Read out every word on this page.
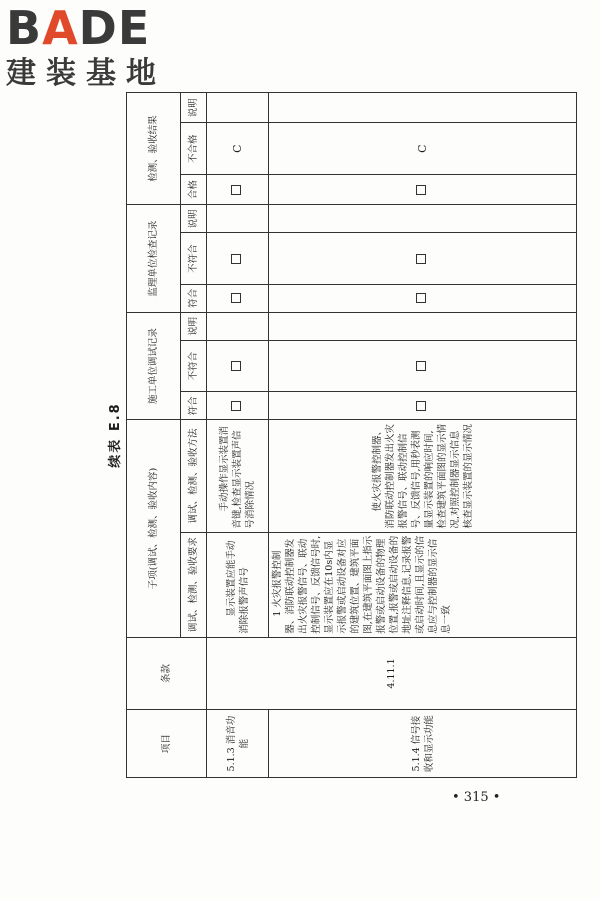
BADE
建装基地
续表 E.8
项目	条款	子项(调试、检测、验收内容)		施工单位调试记录			监理单位检查记录			检测、验收结果		
		调试、检测、验收要求	调试、检测、验收方法	符合	不符合	说明	符合	不符合	说明	合格	不合格	说明
5.1.3 消音功能	4.11.1	显示装置应能手动消除报警声信号	手动操作显示装置消音键,检查显示装置声信号消除情况								C	
5.1.4 信号接收和显示功能		1 火灾报警控制器、消防联动控制器发出火灾报警信号、联动控制信号、反馈信号时,显示装置应在10s内显示报警或启动设备对应的建筑位置、建筑平面图,在建筑平面图上指示报警或启动设备的物理位置,报警或启动设备的地址注释信息,记录报警或启动时间,且显示的信息应与控制器的显示信息一致	使火灾报警控制器、消防联动控制器发出火灾报警信号、联动控制信号、反馈信号,用秒表测量显示装置的响应时间,检查建筑平面图的显示情况,对照控制器显示信息核查显示装置的显示情况								C	
• 315 •
